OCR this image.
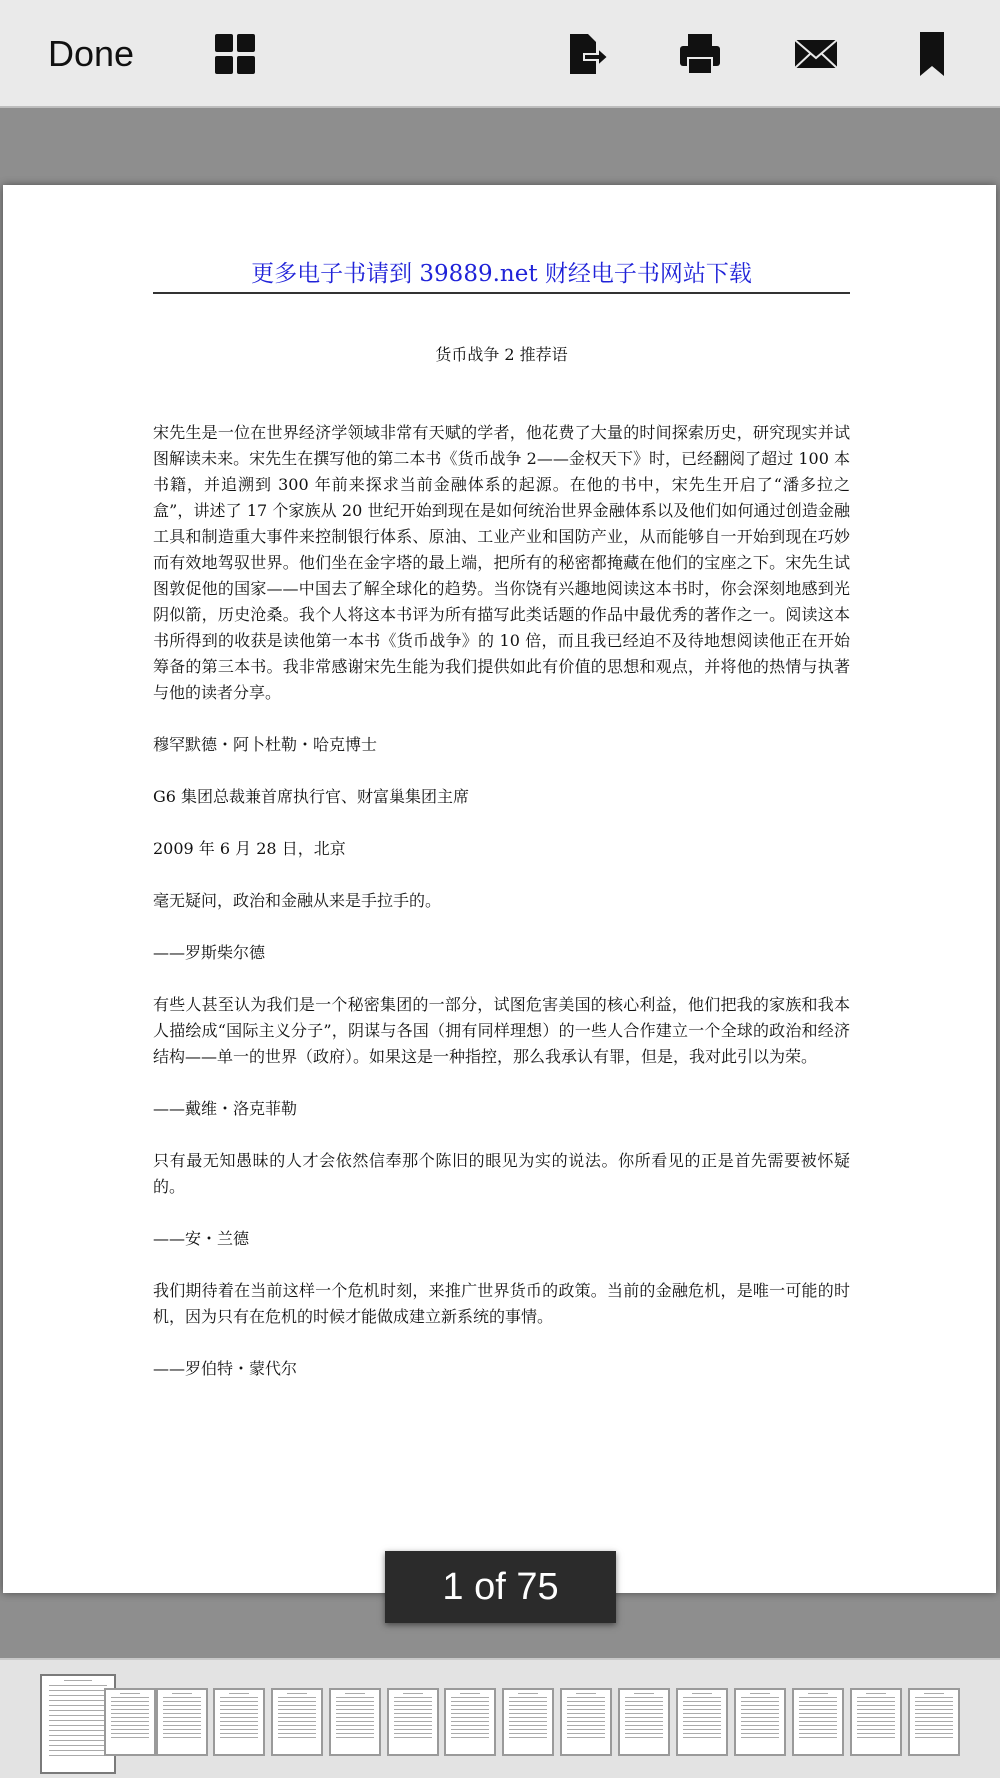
Done
更多电子书请到 39889.net 财经电子书网站下载
货币战争 2 推荐语

宋先生是一位在世界经济学领域非常有天赋的学者，他花费了大量的时间探索历史，研究现实并试图解读未来。宋先生在撰写他的第二本书《货币战争 2——金权天下》时，已经翻阅了超过 100 本书籍，并追溯到 300 年前来探求当前金融体系的起源。在他的书中，宋先生开启了“潘多拉之盒”，讲述了 17 个家族从 20 世纪开始到现在是如何统治世界金融体系以及他们如何通过创造金融工具和制造重大事件来控制银行体系、原油、工业产业和国防产业，从而能够自一开始到现在巧妙而有效地驾驭世界。他们坐在金字塔的最上端，把所有的秘密都掩藏在他们的宝座之下。宋先生试图敦促他的国家——中国去了解全球化的趋势。当你饶有兴趣地阅读这本书时，你会深刻地感到光阴似箭，历史沧桑。我个人将这本书评为所有描写此类话题的作品中最优秀的著作之一。阅读这本书所得到的收获是读他第一本书《货币战争》的 10 倍，而且我已经迫不及待地想阅读他正在开始筹备的第三本书。我非常感谢宋先生能为我们提供如此有价值的思想和观点，并将他的热情与执著与他的读者分享。

穆罕默德・阿卜杜勒・哈克博士

G6 集团总裁兼首席执行官、财富巢集团主席

2009 年 6 月 28 日，北京

毫无疑问，政治和金融从来是手拉手的。

——罗斯柴尔德

有些人甚至认为我们是一个秘密集团的一部分，试图危害美国的核心利益，他们把我的家族和我本人描绘成“国际主义分子”，阴谋与各国（拥有同样理想）的一些人合作建立一个全球的政治和经济结构——单一的世界（政府）。如果这是一种指控，那么我承认有罪，但是，我对此引以为荣。

——戴维・洛克菲勒

只有最无知愚昧的人才会依然信奉那个陈旧的眼见为实的说法。你所看见的正是首先需要被怀疑的。

——安・兰德

我们期待着在当前这样一个危机时刻，来推广世界货币的政策。当前的金融危机，是唯一可能的时机，因为只有在危机的时候才能做成建立新系统的事情。

——罗伯特・蒙代尔

1 of 75
